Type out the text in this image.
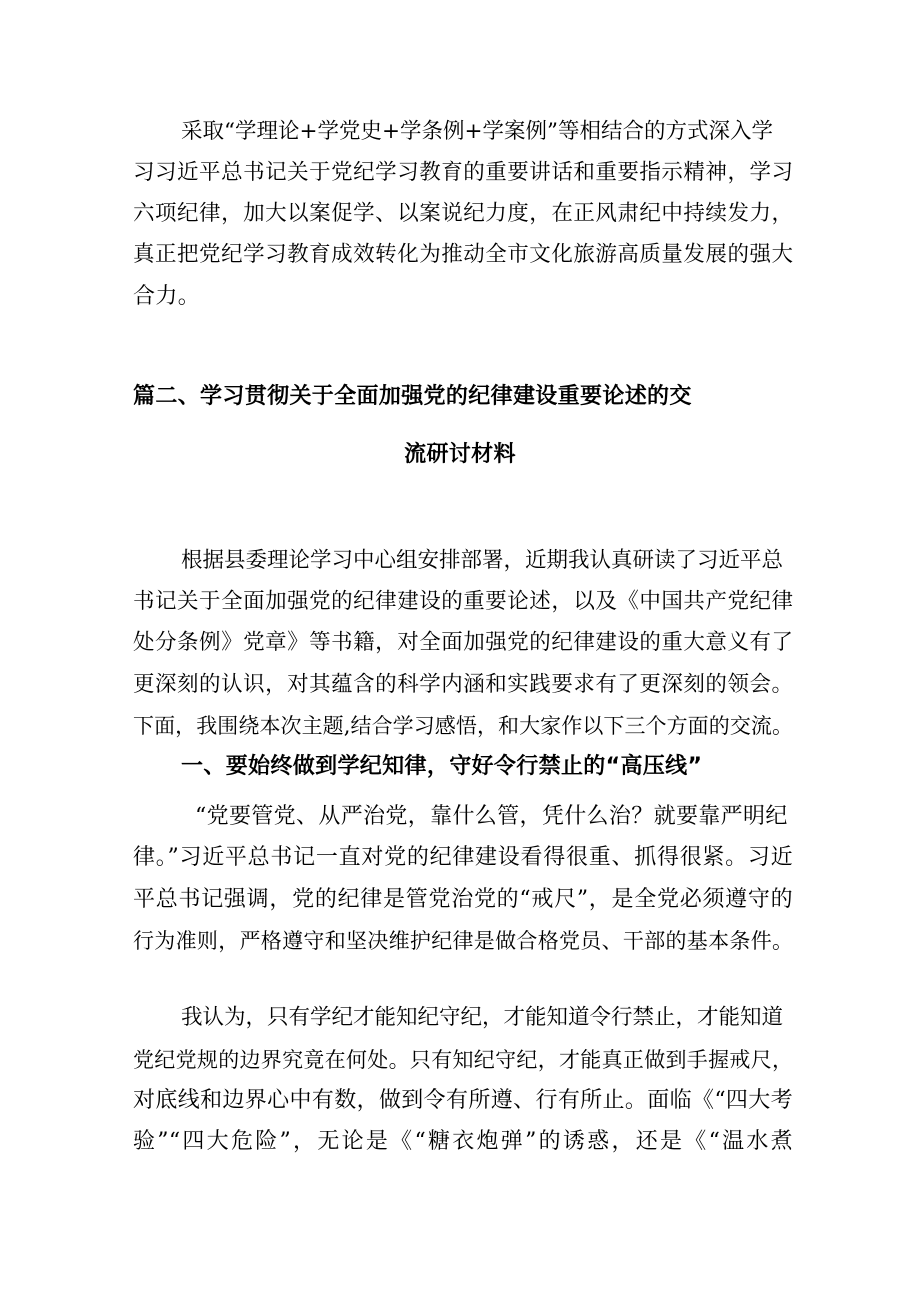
采取“学理论+学党史+学条例+学案例”等相结合的方式深入学
习习近平总书记关于党纪学习教育的重要讲话和重要指示精神，学习
六项纪律，加大以案促学、以案说纪力度，在正风肃纪中持续发力，
真正把党纪学习教育成效转化为推动全市文化旅游高质量发展的强大
合力。
篇二、学习贯彻关于全面加强党的纪律建设重要论述的交
流研讨材料
根据县委理论学习中心组安排部署，近期我认真研读了习近平总
书记关于全面加强党的纪律建设的重要论述，以及《中国共产党纪律
处分条例》党章》等书籍，对全面加强党的纪律建设的重大意义有了
更深刻的认识，对其蕴含的科学内涵和实践要求有了更深刻的领会。
下面，我围绕本次主题,结合学习感悟，和大家作以下三个方面的交流。
一、要始终做到学纪知律，守好令行禁止的“高压线”
“党要管党、从严治党，靠什么管，凭什么治？就要靠严明纪
律。”习近平总书记一直对党的纪律建设看得很重、抓得很紧。习近
平总书记强调，党的纪律是管党治党的“戒尺”，是全党必须遵守的
行为准则，严格遵守和坚决维护纪律是做合格党员、干部的基本条件。
我认为，只有学纪才能知纪守纪，才能知道令行禁止，才能知道
党纪党规的边界究竟在何处。只有知纪守纪，才能真正做到手握戒尺，
对底线和边界心中有数，做到令有所遵、行有所止。面临《“四大考
验”“四大危险”，无论是《“糖衣炮弹”的诱惑，还是《“温水煮
